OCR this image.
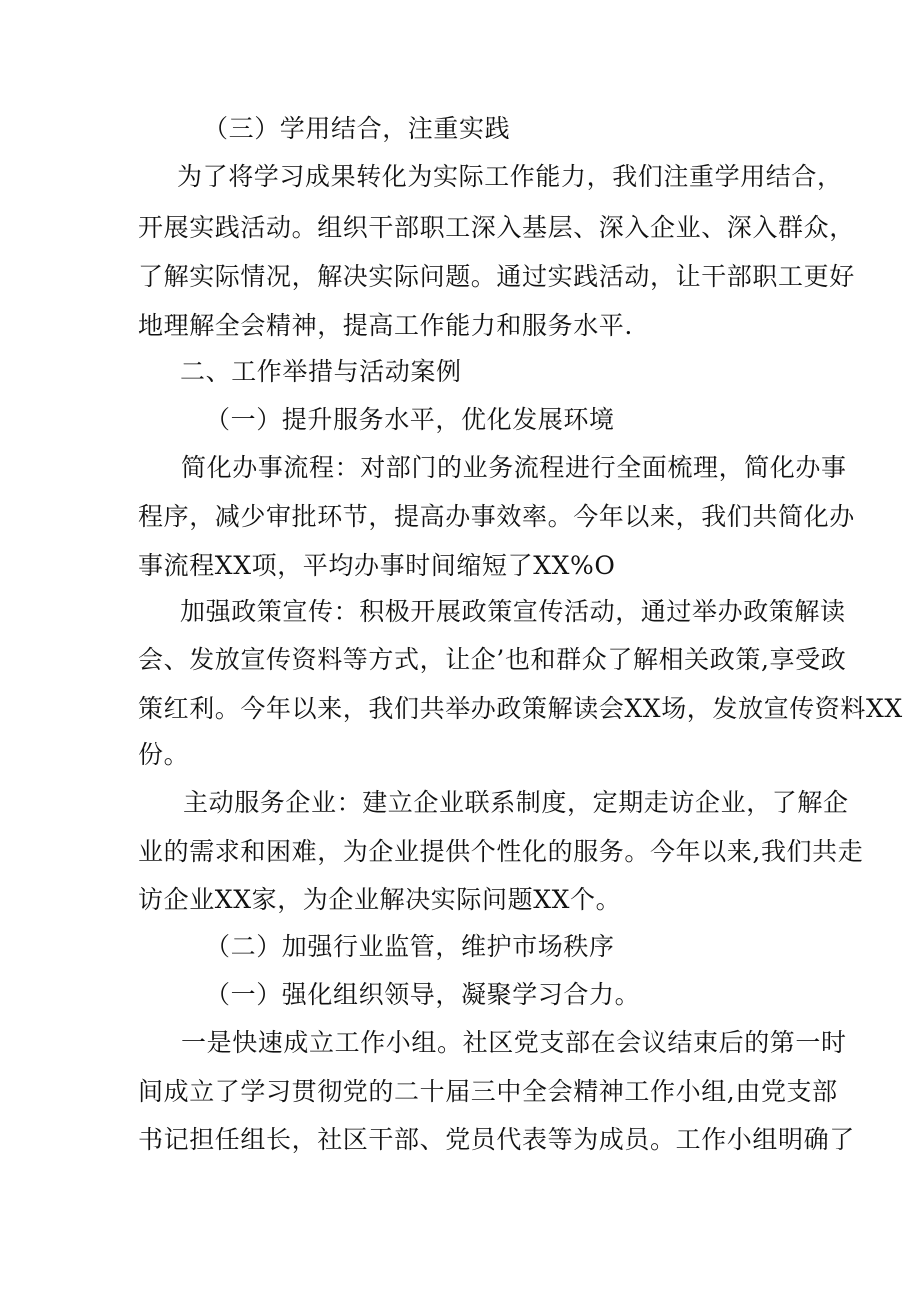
（三）学用结合，注重实践

为了将学习成果转化为实际工作能力，我们注重学用结合，

开展实践活动。组织干部职工深入基层、深入企业、深入群众，

了解实际情况，解决实际问题。通过实践活动，让干部职工更好

地理解全会精神，提高工作能力和服务水平.

二、工作举措与活动案例

（一）提升服务水平，优化发展环境

简化办事流程：对部门的业务流程进行全面梳理，简化办事

程序，减少审批环节，提高办事效率。今年以来，我们共简化办

事流程XX项，平均办事时间缩短了XX%O

加强政策宣传：积极开展政策宣传活动，通过举办政策解读

会、发放宣传资料等方式，让企’也和群众了解相关政策,享受政

策红利。今年以来，我们共举办政策解读会XX场，发放宣传资料XX

份。

主动服务企业：建立企业联系制度，定期走访企业，了解企

业的需求和困难，为企业提供个性化的服务。今年以来,我们共走

访企业XX家，为企业解决实际问题XX个。

（二）加强行业监管，维护市场秩序

（一）强化组织领导，凝聚学习合力。

一是快速成立工作小组。社区党支部在会议结束后的第一时

间成立了学习贯彻党的二十届三中全会精神工作小组,由党支部

书记担任组长，社区干部、党员代表等为成员。工作小组明确了
